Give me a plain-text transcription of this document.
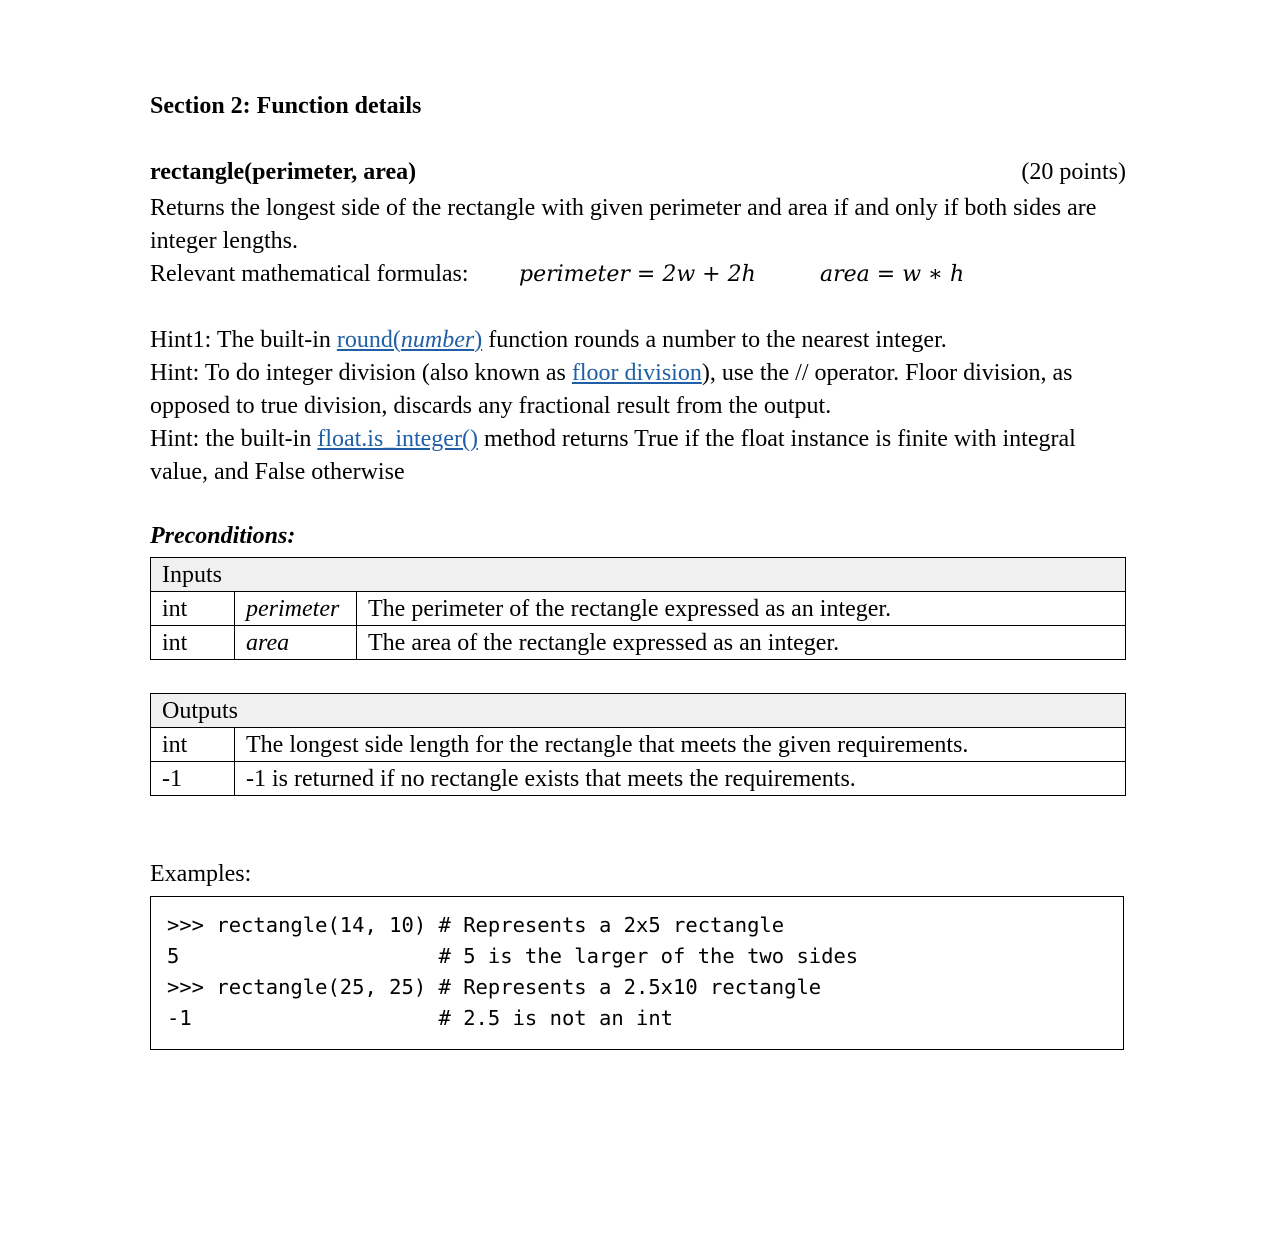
Section 2: Function details
rectangle(perimeter, area)	(20 points)
Returns the longest side of the rectangle with given perimeter and area if and only if both sides are integer lengths.
Relevant mathematical formulas: perimeter = 2w + 2h	area = w ∗ h
Hint1: The built-in round(number) function rounds a number to the nearest integer.
Hint: To do integer division (also known as floor division), use the // operator. Floor division, as opposed to true division, discards any fractional result from the output.
Hint: the built-in float.is_integer() method returns True if the float instance is finite with integral value, and False otherwise
Preconditions:
Inputs		
int	perimeter	The perimeter of the rectangle expressed as an integer.
int	area	The area of the rectangle expressed as an integer.
Outputs	
int	The longest side length for the rectangle that meets the given requirements.
-1	-1 is returned if no rectangle exists that meets the requirements.
Examples:
>>> rectangle(14, 10) # Represents a 2x5 rectangle
5                     # 5 is the larger of the two sides
>>> rectangle(25, 25) # Represents a 2.5x10 rectangle
-1                    # 2.5 is not an int
